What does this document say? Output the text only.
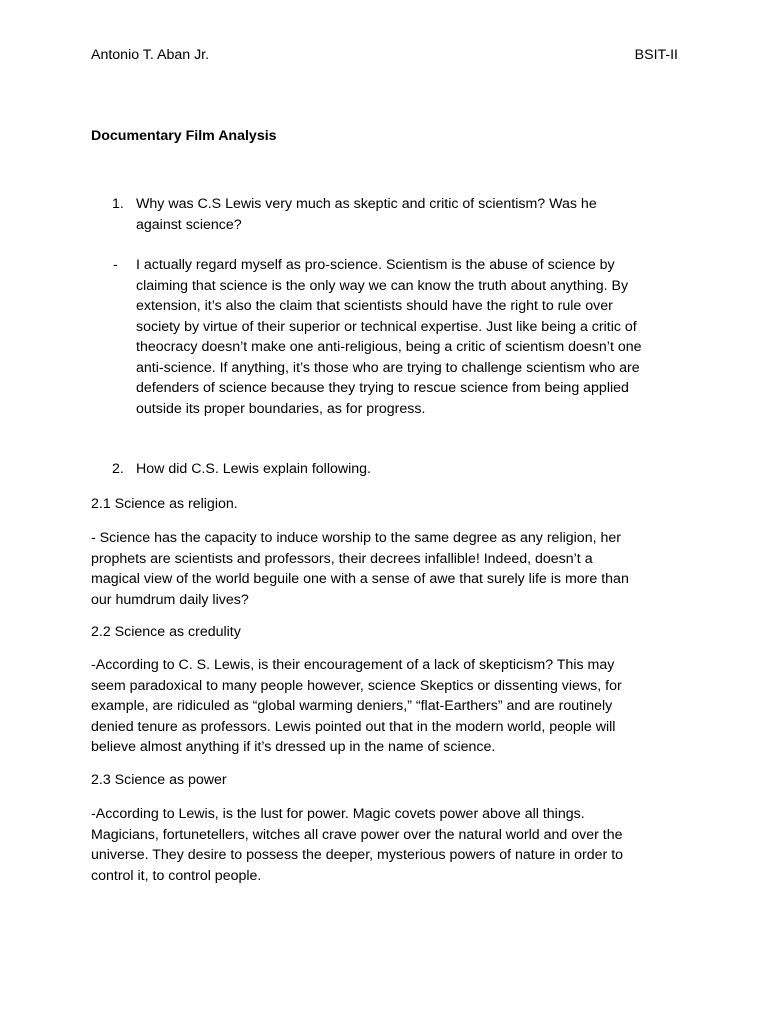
Antonio T. Aban Jr.	BSIT-II
Documentary Film Analysis
1. Why was C.S Lewis very much as skeptic and critic of scientism? Was he
against science?
- I actually regard myself as pro-science. Scientism is the abuse of science by
claiming that science is the only way we can know the truth about anything. By
extension, it’s also the claim that scientists should have the right to rule over
society by virtue of their superior or technical expertise. Just like being a critic of
theocracy doesn’t make one anti-religious, being a critic of scientism doesn’t one
anti-science. If anything, it’s those who are trying to challenge scientism who are
defenders of science because they trying to rescue science from being applied
outside its proper boundaries, as for progress.
2. How did C.S. Lewis explain following.
2.1 Science as religion.
- Science has the capacity to induce worship to the same degree as any religion, her
prophets are scientists and professors, their decrees infallible! Indeed, doesn’t a
magical view of the world beguile one with a sense of awe that surely life is more than
our humdrum daily lives?
2.2 Science as credulity
-According to C. S. Lewis, is their encouragement of a lack of skepticism? This may
seem paradoxical to many people however, science Skeptics or dissenting views, for
example, are ridiculed as “global warming deniers,” “flat-Earthers” and are routinely
denied tenure as professors. Lewis pointed out that in the modern world, people will
believe almost anything if it’s dressed up in the name of science.
2.3 Science as power
-According to Lewis, is the lust for power. Magic covets power above all things.
Magicians, fortunetellers, witches all crave power over the natural world and over the
universe. They desire to possess the deeper, mysterious powers of nature in order to
control it, to control people.
